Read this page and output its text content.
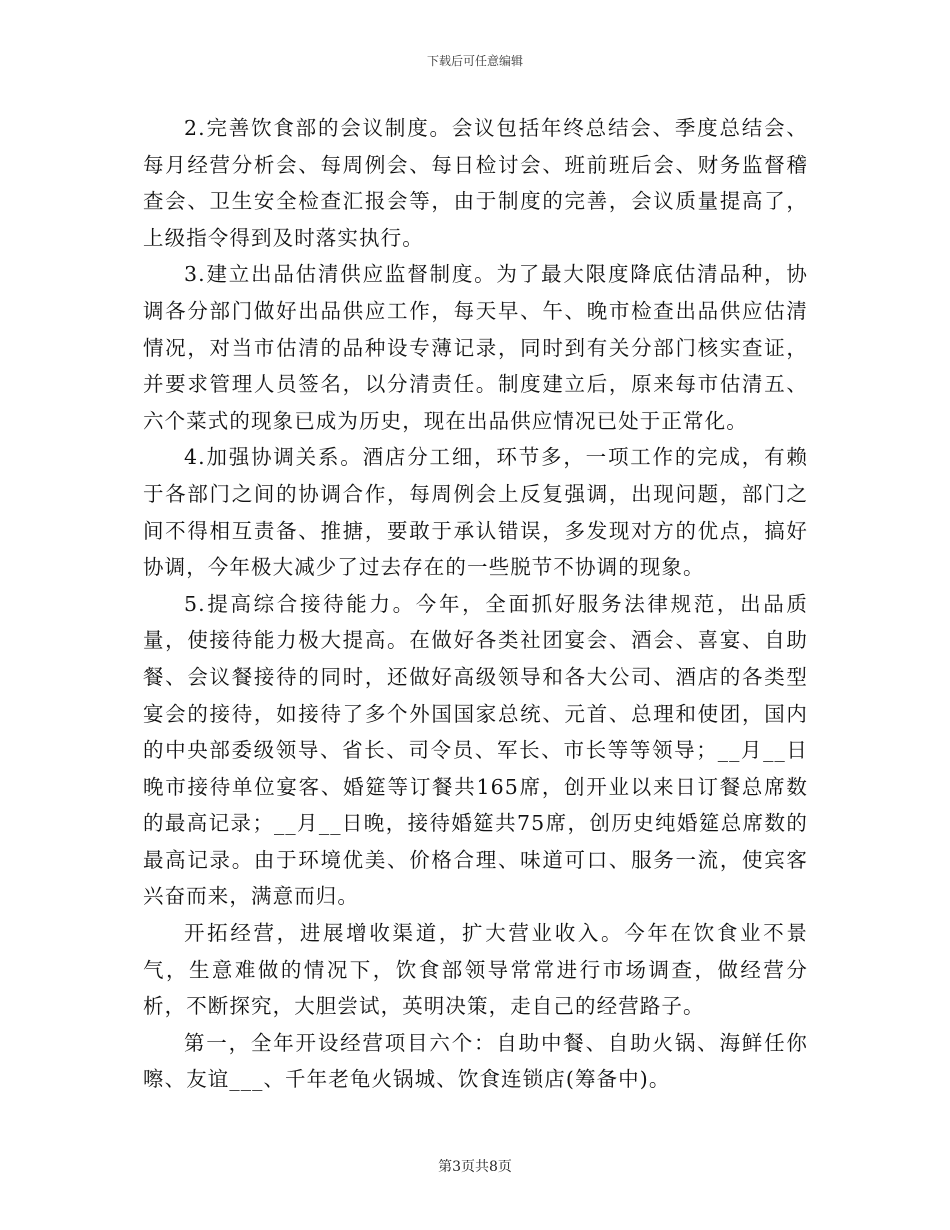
下载后可任意编辑

2.完善饮食部的会议制度。会议包括年终总结会、季度总结会、每月经营分析会、每周例会、每日检讨会、班前班后会、财务监督稽查会、卫生安全检查汇报会等，由于制度的完善，会议质量提高了，上级指令得到及时落实执行。

3.建立出品估清供应监督制度。为了最大限度降底估清品种，协调各分部门做好出品供应工作，每天早、午、晚市检查出品供应估清情况，对当市估清的品种设专薄记录，同时到有关分部门核实查证，并要求管理人员签名，以分清责任。制度建立后，原来每市估清五、六个菜式的现象已成为历史，现在出品供应情况已处于正常化。

4.加强协调关系。酒店分工细，环节多，一项工作的完成，有赖于各部门之间的协调合作，每周例会上反复强调，出现问题，部门之间不得相互责备、推搪，要敢于承认错误，多发现对方的优点，搞好协调，今年极大减少了过去存在的一些脱节不协调的现象。

5.提高综合接待能力。今年，全面抓好服务法律规范，出品质量，使接待能力极大提高。在做好各类社团宴会、酒会、喜宴、自助餐、会议餐接待的同时，还做好高级领导和各大公司、酒店的各类型宴会的接待，如接待了多个外国国家总统、元首、总理和使团，国内的中央部委级领导、省长、司令员、军长、市长等等领导；__月__日晚市接待单位宴客、婚筵等订餐共165席，创开业以来日订餐总席数的最高记录；__月__日晚，接待婚筵共75席，创历史纯婚筵总席数的最高记录。由于环境优美、价格合理、味道可口、服务一流，使宾客兴奋而来，满意而归。

开拓经营，进展增收渠道，扩大营业收入。今年在饮食业不景气，生意难做的情况下，饮食部领导常常进行市场调查，做经营分析，不断探究，大胆尝试，英明决策，走自己的经营路子。

第一，全年开设经营项目六个：自助中餐、自助火锅、海鲜任你嚓、友谊___、千年老龟火锅城、饮食连锁店(筹备中)。

第3页共8页
